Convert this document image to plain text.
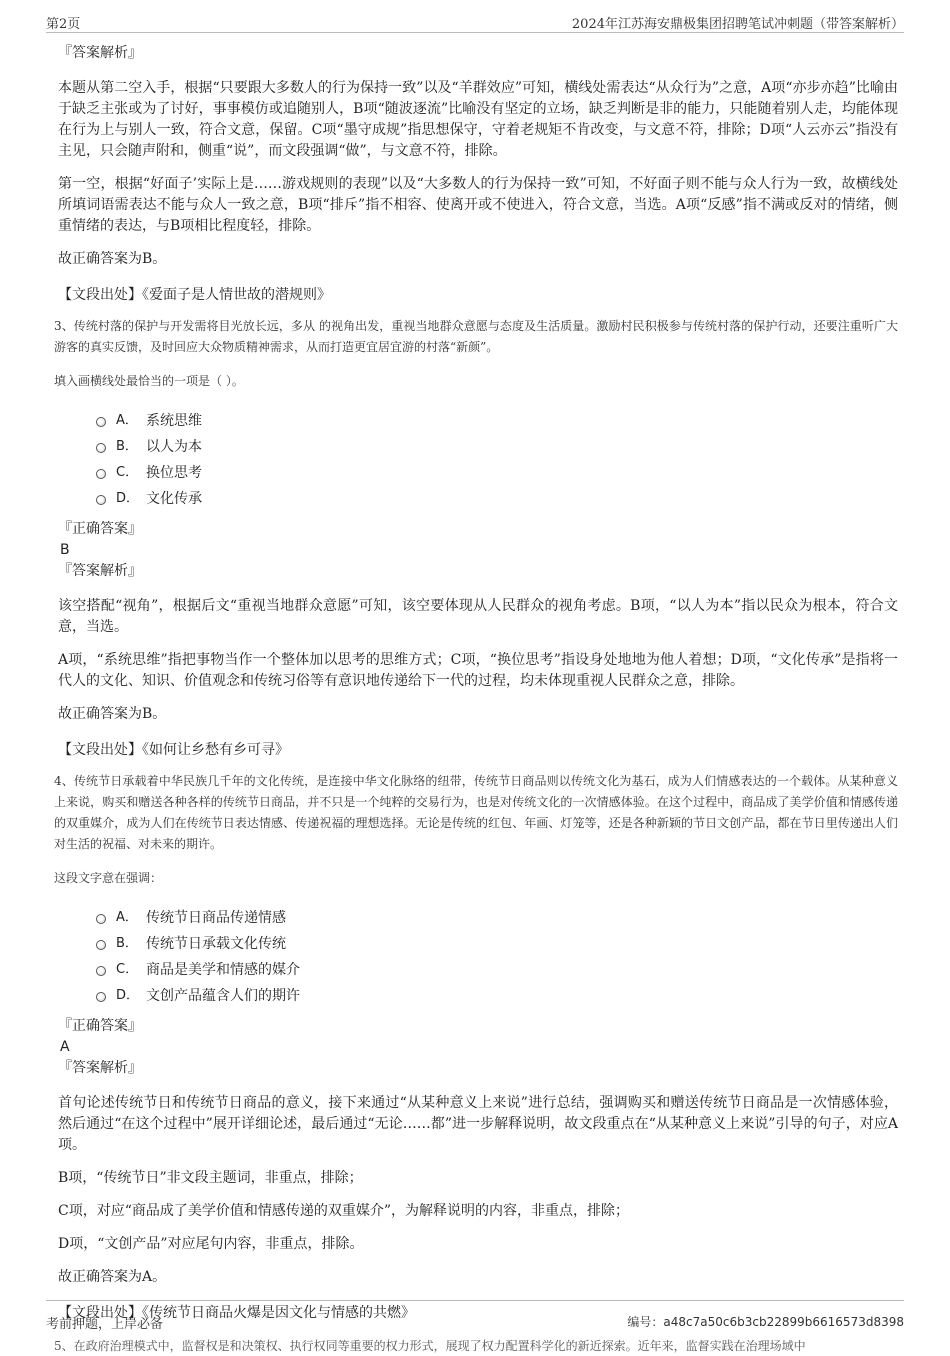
第2页	2024年江苏海安鼎极集团招聘笔试冲刺题（带答案解析）
『答案解析』

本题从第二空入手，根据“只要跟大多数人的行为保持一致”以及“羊群效应”可知，横线处需表达“从众行为”之意，A项“亦步亦趋”比喻由于缺乏主张或为了讨好，事事模仿或追随别人，B项“随波逐流”比喻没有坚定的立场，缺乏判断是非的能力，只能随着别人走，均能体现在行为上与别人一致，符合文意，保留。C项“墨守成规”指思想保守，守着老规矩不肯改变，与文意不符，排除；D项“人云亦云”指没有主见，只会随声附和，侧重“说”，而文段强调“做”，与文意不符，排除。

第一空，根据“好面子’实际上是……游戏规则的表现”以及“大多数人的行为保持一致”可知，不好面子则不能与众人行为一致，故横线处所填词语需表达不能与众人一致之意，B项“排斥”指不相容、使离开或不使进入，符合文意，当选。A项“反感”指不满或反对的情绪，侧重情绪的表达，与B项相比程度轻，排除。

故正确答案为B。

【文段出处】《爱面子是人情世故的潜规则》
3、传统村落的保护与开发需将目光放长远，多从 的视角出发，重视当地群众意愿与态度及生活质量。激励村民积极参与传统村落的保护行动，还要注重听广大游客的真实反馈，及时回应大众物质精神需求，从而打造更宜居宜游的村落“新颜”。
填入画横线处最恰当的一项是（ ）。
A． 系统思维
B． 以人为本
C． 换位思考
D． 文化传承
『正确答案』
B
『答案解析』

该空搭配“视角”，根据后文“重视当地群众意愿”可知，该空要体现从人民群众的视角考虑。B项，“以人为本”指以民众为根本，符合文意，当选。

A项，“系统思维”指把事物当作一个整体加以思考的思维方式；C项，“换位思考”指设身处地地为他人着想；D项，“文化传承”是指将一代人的文化、知识、价值观念和传统习俗等有意识地传递给下一代的过程，均未体现重视人民群众之意，排除。

故正确答案为B。

【文段出处】《如何让乡愁有乡可寻》
4、传统节日承载着中华民族几千年的文化传统，是连接中华文化脉络的纽带，传统节日商品则以传统文化为基石，成为人们情感表达的一个载体。从某种意义上来说，购买和赠送各种各样的传统节日商品，并不只是一个纯粹的交易行为，也是对传统文化的一次情感体验。在这个过程中，商品成了美学价值和情感传递的双重媒介，成为人们在传统节日表达情感、传递祝福的理想选择。无论是传统的红包、年画、灯笼等，还是各种新颖的节日文创产品，都在节日里传递出人们对生活的祝福、对未来的期许。
这段文字意在强调：
A． 传统节日商品传递情感
B． 传统节日承载文化传统
C． 商品是美学和情感的媒介
D． 文创产品蕴含人们的期许
『正确答案』
A
『答案解析』

首句论述传统节日和传统节日商品的意义，接下来通过“从某种意义上来说”进行总结，强调购买和赠送传统节日商品是一次情感体验，然后通过“在这个过程中”展开详细论述，最后通过“无论……都”进一步解释说明，故文段重点在“从某种意义上来说”引导的句子，对应A项。

B项，“传统节日”非文段主题词，非重点，排除；

C项，对应“商品成了美学价值和情感传递的双重媒介”，为解释说明的内容，非重点，排除；

D项，“文创产品”对应尾句内容，非重点，排除。

故正确答案为A。

【文段出处】《传统节日商品火爆是因文化与情感的共燃》
5、在政府治理模式中，监督权是和决策权、执行权同等重要的权力形式，展现了权力配置科学化的新近探索。近年来，监督实践在治理场域中
考前押题，上岸必备	编号：a48c7a50c6b3cb22899b6616573d8398
